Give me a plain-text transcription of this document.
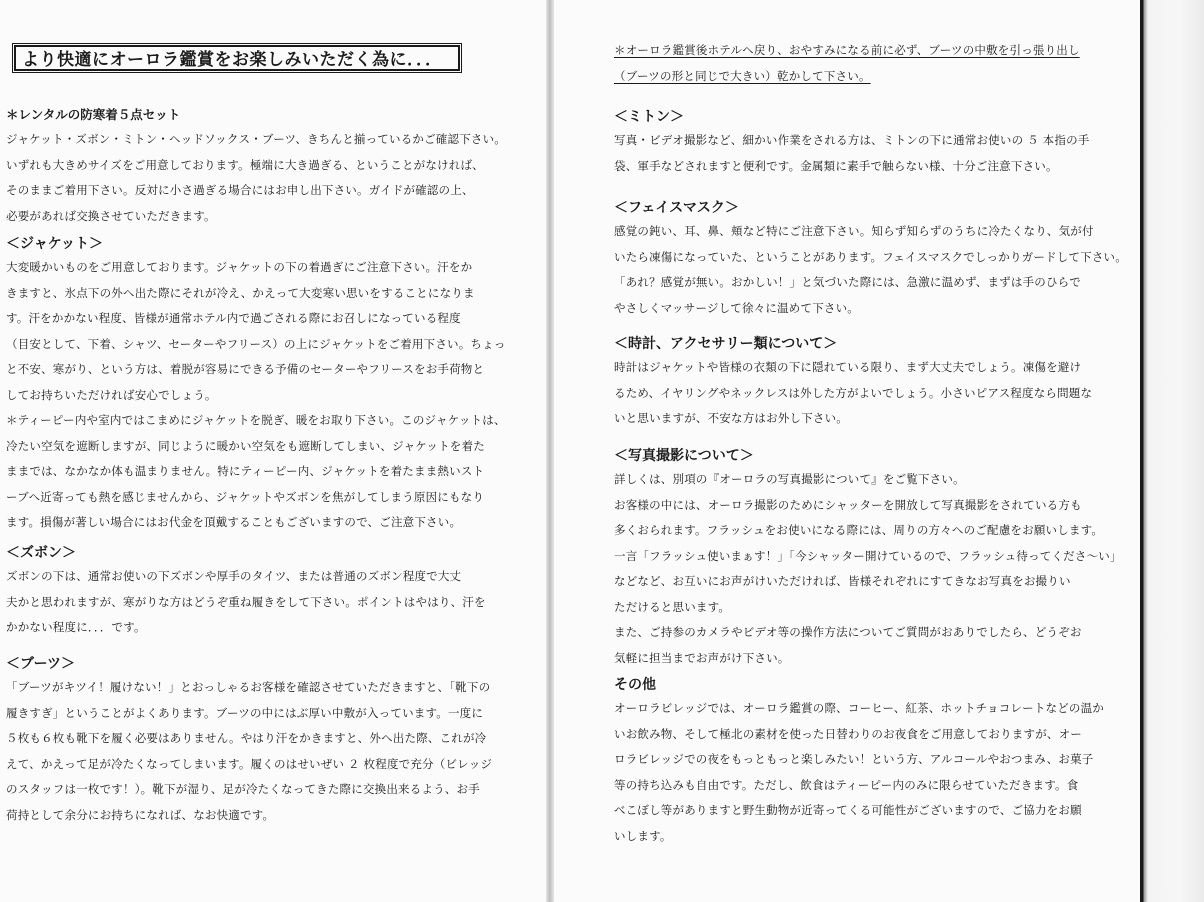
より快適にオーロラ鑑賞をお楽しみいただく為に．．．

＊レンタルの防寒着５点セット

ジャケット・ズボン・ミトン・ヘッドソックス・ブーツ、きちんと揃っているかご確認下さい。

いずれも大きめサイズをご用意しております。極端に大き過ぎる、ということがなければ、

そのままご着用下さい。反対に小さ過ぎる場合にはお申し出下さい。ガイドが確認の上、

必要があれば交換させていただきます。

＜ジャケット＞

大変暖かいものをご用意しております。ジャケットの下の着過ぎにご注意下さい。汗をか

きますと、氷点下の外へ出た際にそれが冷え、かえって大変寒い思いをすることになりま

す。汗をかかない程度、皆様が通常ホテル内で過ごされる際にお召しになっている程度

（目安として、下着、シャツ、セーターやフリース）の上にジャケットをご着用下さい。ちょっ

と不安、寒がり、という方は、着脱が容易にできる予備のセーターやフリースをお手荷物と

してお持ちいただければ安心でしょう。

＊ティーピー内や室内ではこまめにジャケットを脱ぎ、暖をお取り下さい。このジャケットは、

冷たい空気を遮断しますが、同じように暖かい空気をも遮断してしまい、ジャケットを着た

ままでは、なかなか体も温まりません。特にティーピー内、ジャケットを着たまま熱いスト

ーブへ近寄っても熱を感じませんから、ジャケットやズボンを焦がしてしまう原因にもなり

ます。損傷が著しい場合にはお代金を頂戴することもございますので、ご注意下さい。

＜ズボン＞

ズボンの下は、通常お使いの下ズボンや厚手のタイツ、または普通のズボン程度で大丈

夫かと思われますが、寒がりな方はどうぞ重ね履きをして下さい。ポイントはやはり、汗を

かかない程度に．．．です。

＜ブーツ＞

「ブーツがキツイ！履けない！」とおっしゃるお客様を確認させていただきますと、「靴下の

履きすぎ」ということがよくあります。ブーツの中にはぶ厚い中敷が入っています。一度に

５枚も６枚も靴下を履く必要はありません。やはり汗をかきますと、外へ出た際、これが冷

えて、かえって足が冷たくなってしまいます。履くのはせいぜい ２ 枚程度で充分（ビレッジ

のスタッフは一枚です！）。靴下が湿り、足が冷たくなってきた際に交換出来るよう、お手

荷持として余分にお持ちになれば、なお快適です。

＊オーロラ鑑賞後ホテルへ戻り、おやすみになる前に必ず、ブーツの中敷を引っ張り出し

（ブーツの形と同じで大きい）乾かして下さい。

＜ミトン＞

写真・ビデオ撮影など、細かい作業をされる方は、ミトンの下に通常お使いの ５ 本指の手

袋、軍手などされますと便利です。金属類に素手で触らない様、十分ご注意下さい。

＜フェイスマスク＞

感覚の鈍い、耳、鼻、頬など特にご注意下さい。知らず知らずのうちに冷たくなり、気が付

いたら凍傷になっていた、ということがあります。フェイスマスクでしっかりガードして下さい。

「あれ？感覚が無い。おかしい！」と気づいた際には、急激に温めず、まずは手のひらで

やさしくマッサージして徐々に温めて下さい。

＜時計、アクセサリー類について＞

時計はジャケットや皆様の衣類の下に隠れている限り、まず大丈夫でしょう。凍傷を避け

るため、イヤリングやネックレスは外した方がよいでしょう。小さいピアス程度なら問題な

いと思いますが、不安な方はお外し下さい。

＜写真撮影について＞

詳しくは、別項の『オーロラの写真撮影について』をご覧下さい。

お客様の中には、オーロラ撮影のためにシャッターを開放して写真撮影をされている方も

多くおられます。フラッシュをお使いになる際には、周りの方々へのご配慮をお願いします。

一言「フラッシュ使いまぁす！」「今シャッター開けているので、フラッシュ待ってくださ～い」

などなど、お互いにお声がけいただければ、皆様それぞれにすてきなお写真をお撮りい

ただけると思います。

また、ご持参のカメラやビデオ等の操作方法についてご質問がおありでしたら、どうぞお

気軽に担当までお声がけ下さい。

その他

オーロラビレッジでは、オーロラ鑑賞の際、コーヒー、紅茶、ホットチョコレートなどの温か

いお飲み物、そして極北の素材を使った日替わりのお夜食をご用意しておりますが、オー

ロラビレッジでの夜をもっともっと楽しみたい！という方、アルコールやおつまみ、お菓子

等の持ち込みも自由です。ただし、飲食はティーピー内のみに限らせていただきます。食

べこぼし等がありますと野生動物が近寄ってくる可能性がございますので、ご協力をお願

いします。
